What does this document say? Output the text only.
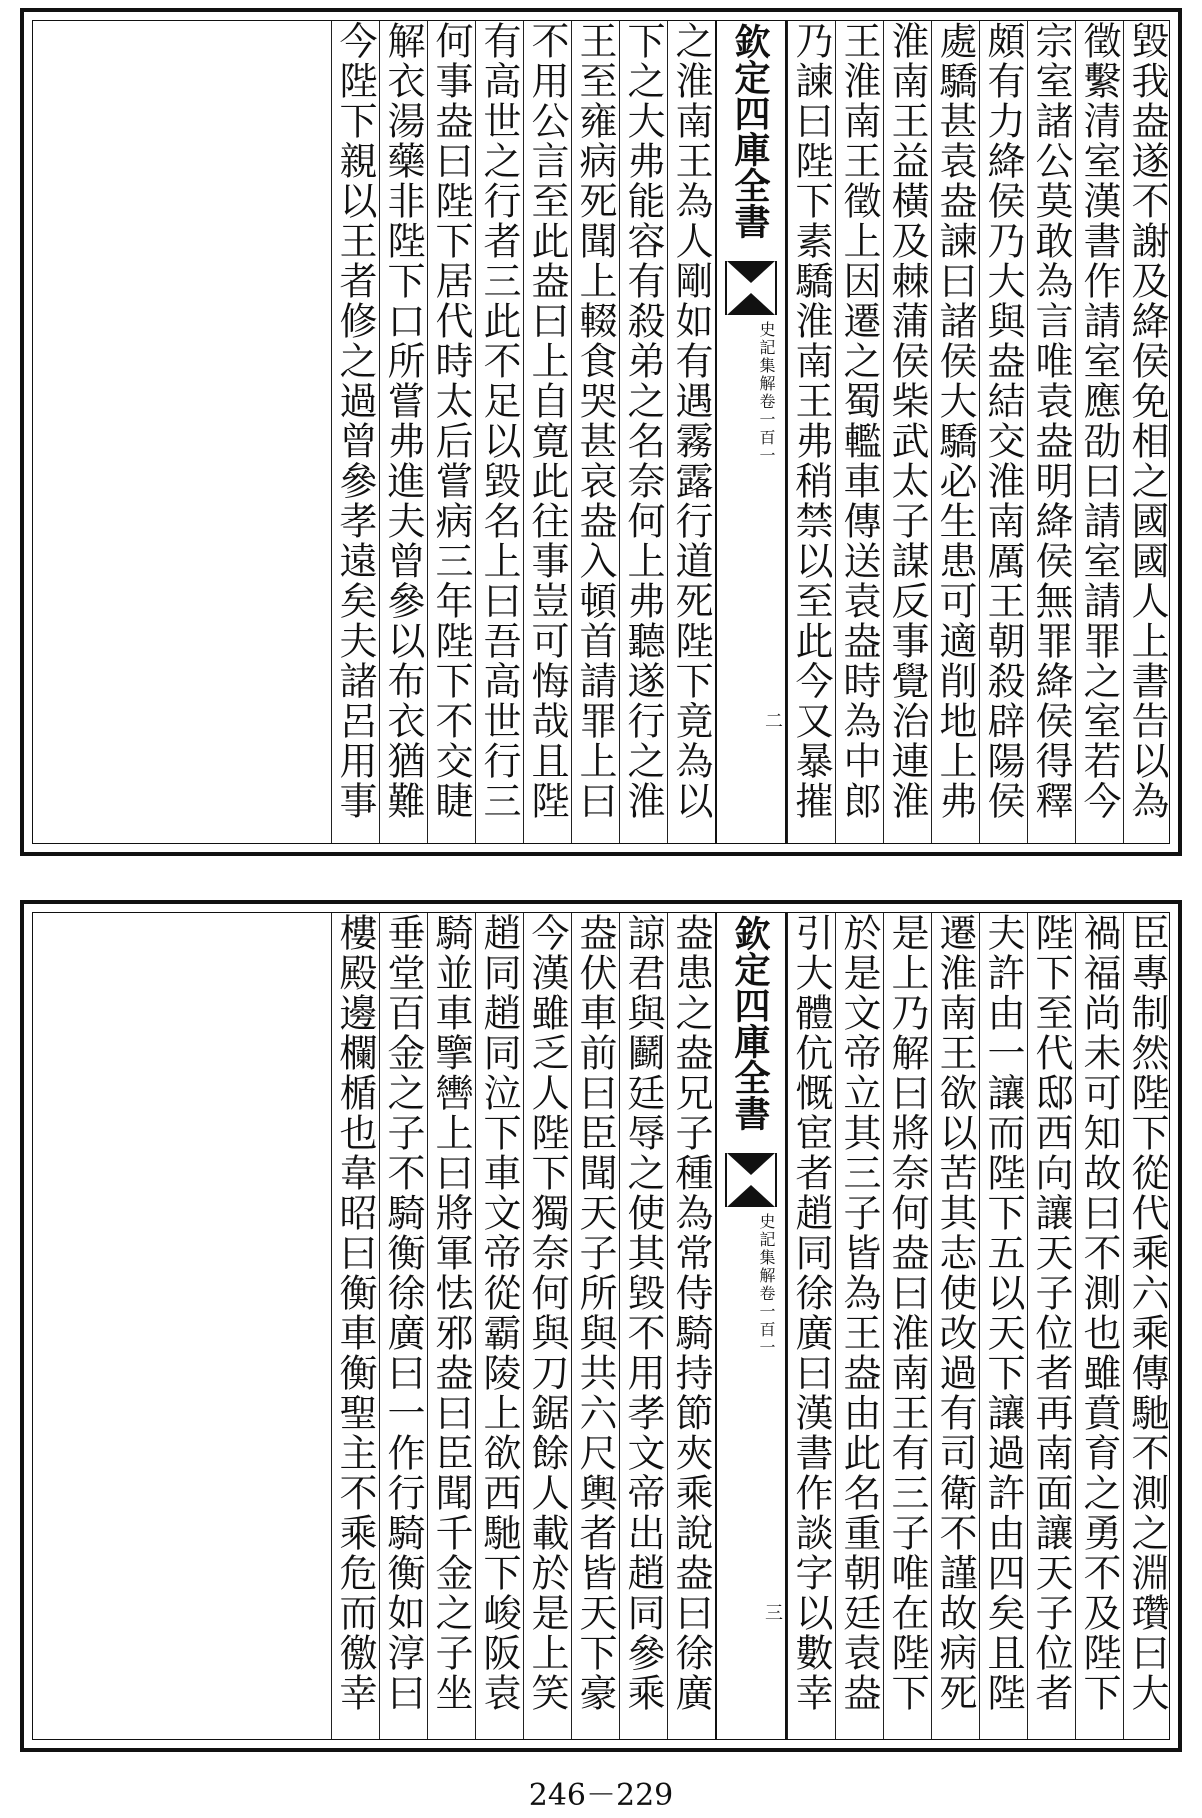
毀我盎遂不謝及絳侯免相之國國人上書告以為
徵繫清室漢書作請室應劭曰請室請罪之室若今
宗室諸公莫敢為言唯袁盎明絳侯無罪絳侯得釋
頗有力絳侯乃大與盎結交淮南厲王朝殺辟陽侯
處驕甚袁盎諫曰諸侯大驕必生患可適削地上弗
淮南王益橫及棘蒲侯柴武太子謀反事覺治連淮
王淮南王徵上因遷之蜀轞車傳送袁盎時為中郎
乃諫曰陛下素驕淮南王弗稍禁以至此今又暴摧
欽定四庫全書
史記集解卷一百一
二
之淮南王為人剛如有遇霧露行道死陛下竟為以
下之大弗能容有殺弟之名奈何上弗聽遂行之淮
王至雍病死聞上輟食哭甚哀盎入頓首請罪上曰
不用公言至此盎曰上自寛此往事豈可悔哉且陛
有高世之行者三此不足以毀名上曰吾高世行三
何事盎曰陛下居代時太后嘗病三年陛下不交睫
解衣湯藥非陛下口所嘗弗進夫曾參以布衣猶難
今陛下親以王者修之過曾參孝遠矣夫諸呂用事
臣專制然陛下從代乘六乘傳馳不測之淵瓚曰大
禍福尚未可知故曰不測也雖賁育之勇不及陛下
陛下至代邸西向讓天子位者再南面讓天子位者
夫許由一讓而陛下五以天下讓過許由四矣且陛
遷淮南王欲以苦其志使改過有司衛不謹故病死
是上乃解曰將奈何盎曰淮南王有三子唯在陛下
於是文帝立其三子皆為王盎由此名重朝廷袁盎
引大體伉慨宦者趙同徐廣曰漢書作談字以數幸
欽定四庫全書
史記集解卷一百一
三
盎患之盎兄子種為常侍騎持節夾乘說盎曰徐廣
諒君與鬬廷辱之使其毀不用孝文帝出趙同參乘
盎伏車前曰臣聞天子所與共六尺輿者皆天下豪
今漢雖乏人陛下獨奈何與刀鋸餘人載於是上笑
趙同趙同泣下車文帝從霸陵上欲西馳下峻阪袁
騎並車擥轡上曰將軍怯邪盎曰臣聞千金之子坐
垂堂百金之子不騎衡徐廣曰一作行騎衡如淳曰
樓殿邊欄楯也韋昭曰衡車衡聖主不乘危而徼幸
246－229
